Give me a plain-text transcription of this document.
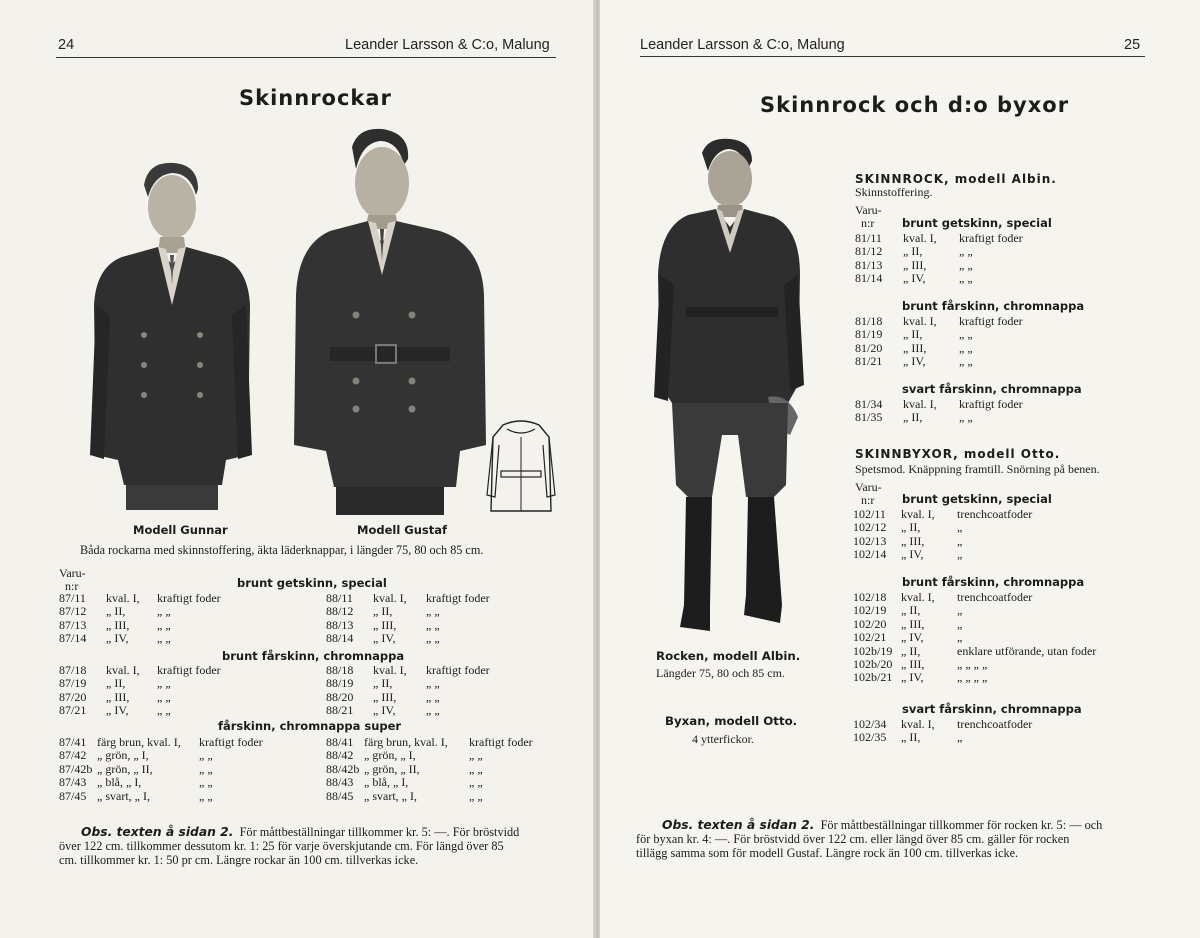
24	Leander Larsson & C:o, Malung
Skinnrockar
Modell Gunnar	Modell Gustaf
Båda rockarna med skinnstoffering, äkta läderknappar, i längder 75, 80 och 85 cm.
Varu-
n:r	brunt getskinn, special
87/11 kval. I, kraftigt foder	88/11 kval. I, kraftigt foder
87/12 „ II,	„ „	88/12 „ II,	„ „
87/13 „ III, „ „	88/13 „ III, „ „
87/14 „ IV, „ „	88/14 „ IV,	„ „
brunt fårskinn, chromnappa
87/18 kval. I, kraftigt foder	88/18 kval. I, kraftigt foder
87/19 „ II,	„ „	88/19 „ II,	„ „
87/20 „ III, „ „	88/20 „ III, „ „
87/21 „ IV, „ „	88/21 „ IV,	„ „
fårskinn, chromnappa super
87/41 färg brun, kval. I, kraftigt foder	88/41 färg brun, kval. I, kraftigt foder
87/42 „ grön, „ I,	„ „	88/42 „ grön, „ I,	„ „
87/42b „ grön, „ II,	„ „	88/42b „ grön, „ II,	„ „
87/43 „ blå, „ I,	„ „	88/43 „ blå, „ I,	„ „
87/45 „ svart, „ I,	„ „	88/45 „ svart, „ I,	„ „
Obs. texten å sidan 2. För måttbeställningar tillkommer kr. 5: —. För bröstvidd
över 122 cm. tillkommer dessutom kr. 1: 25 för varje överskjutande cm. För längd över 85
cm. tillkommer kr. 1: 50 pr cm. Längre rockar än 100 cm. tillverkas icke.
Leander Larsson & C:o, Malung	25
Skinnrock och d:o byxor
Rocken, modell Albin.
Längder 75, 80 och 85 cm.
Byxan, modell Otto.
4 ytterfickor.
SKINNROCK, modell Albin.
Skinnstoffering.
Varu-
n:r	brunt getskinn, special
81/11 kval. I, kraftigt foder
81/12 „ II,	„ „
81/13 „ III,	„ „
81/14 „ IV,	„ „
brunt fårskinn, chromnappa
81/18 kval. I, kraftigt foder
81/19 „ II,	„ „
81/20 „ III,	„ „
81/21 „ IV,	„ „
svart fårskinn, chromnappa
81/34 kval. I, kraftigt foder
81/35 „ II,	„ „
SKINNBYXOR, modell Otto.
Spetsmod. Knäppning framtill. Snörning på benen.
Varu-
n:r	brunt getskinn, special
102/11 kval. I, trenchcoatfoder
102/12 „ II,	„
102/13 „ III,	„
102/14 „ IV,	„
brunt fårskinn, chromnappa
102/18 kval. I, trenchcoatfoder
102/19 „ II,	„
102/20 „ III,	„
102/21 „ IV,	„
102b/19 „ II,	enklare utförande, utan foder
102b/20 „ III,	„ „ „ „
102b/21 „ IV,	„ „ „ „
svart fårskinn, chromnappa
102/34 kval. I, trenchcoatfoder
102/35 „ II,	„
Obs. texten å sidan 2. För måttbeställningar tillkommer för rocken kr. 5: — och
för byxan kr. 4: —. För bröstvidd över 122 cm. eller längd över 85 cm. gäller för rocken
tillägg samma som för modell Gustaf. Längre rock än 100 cm. tillverkas icke.
